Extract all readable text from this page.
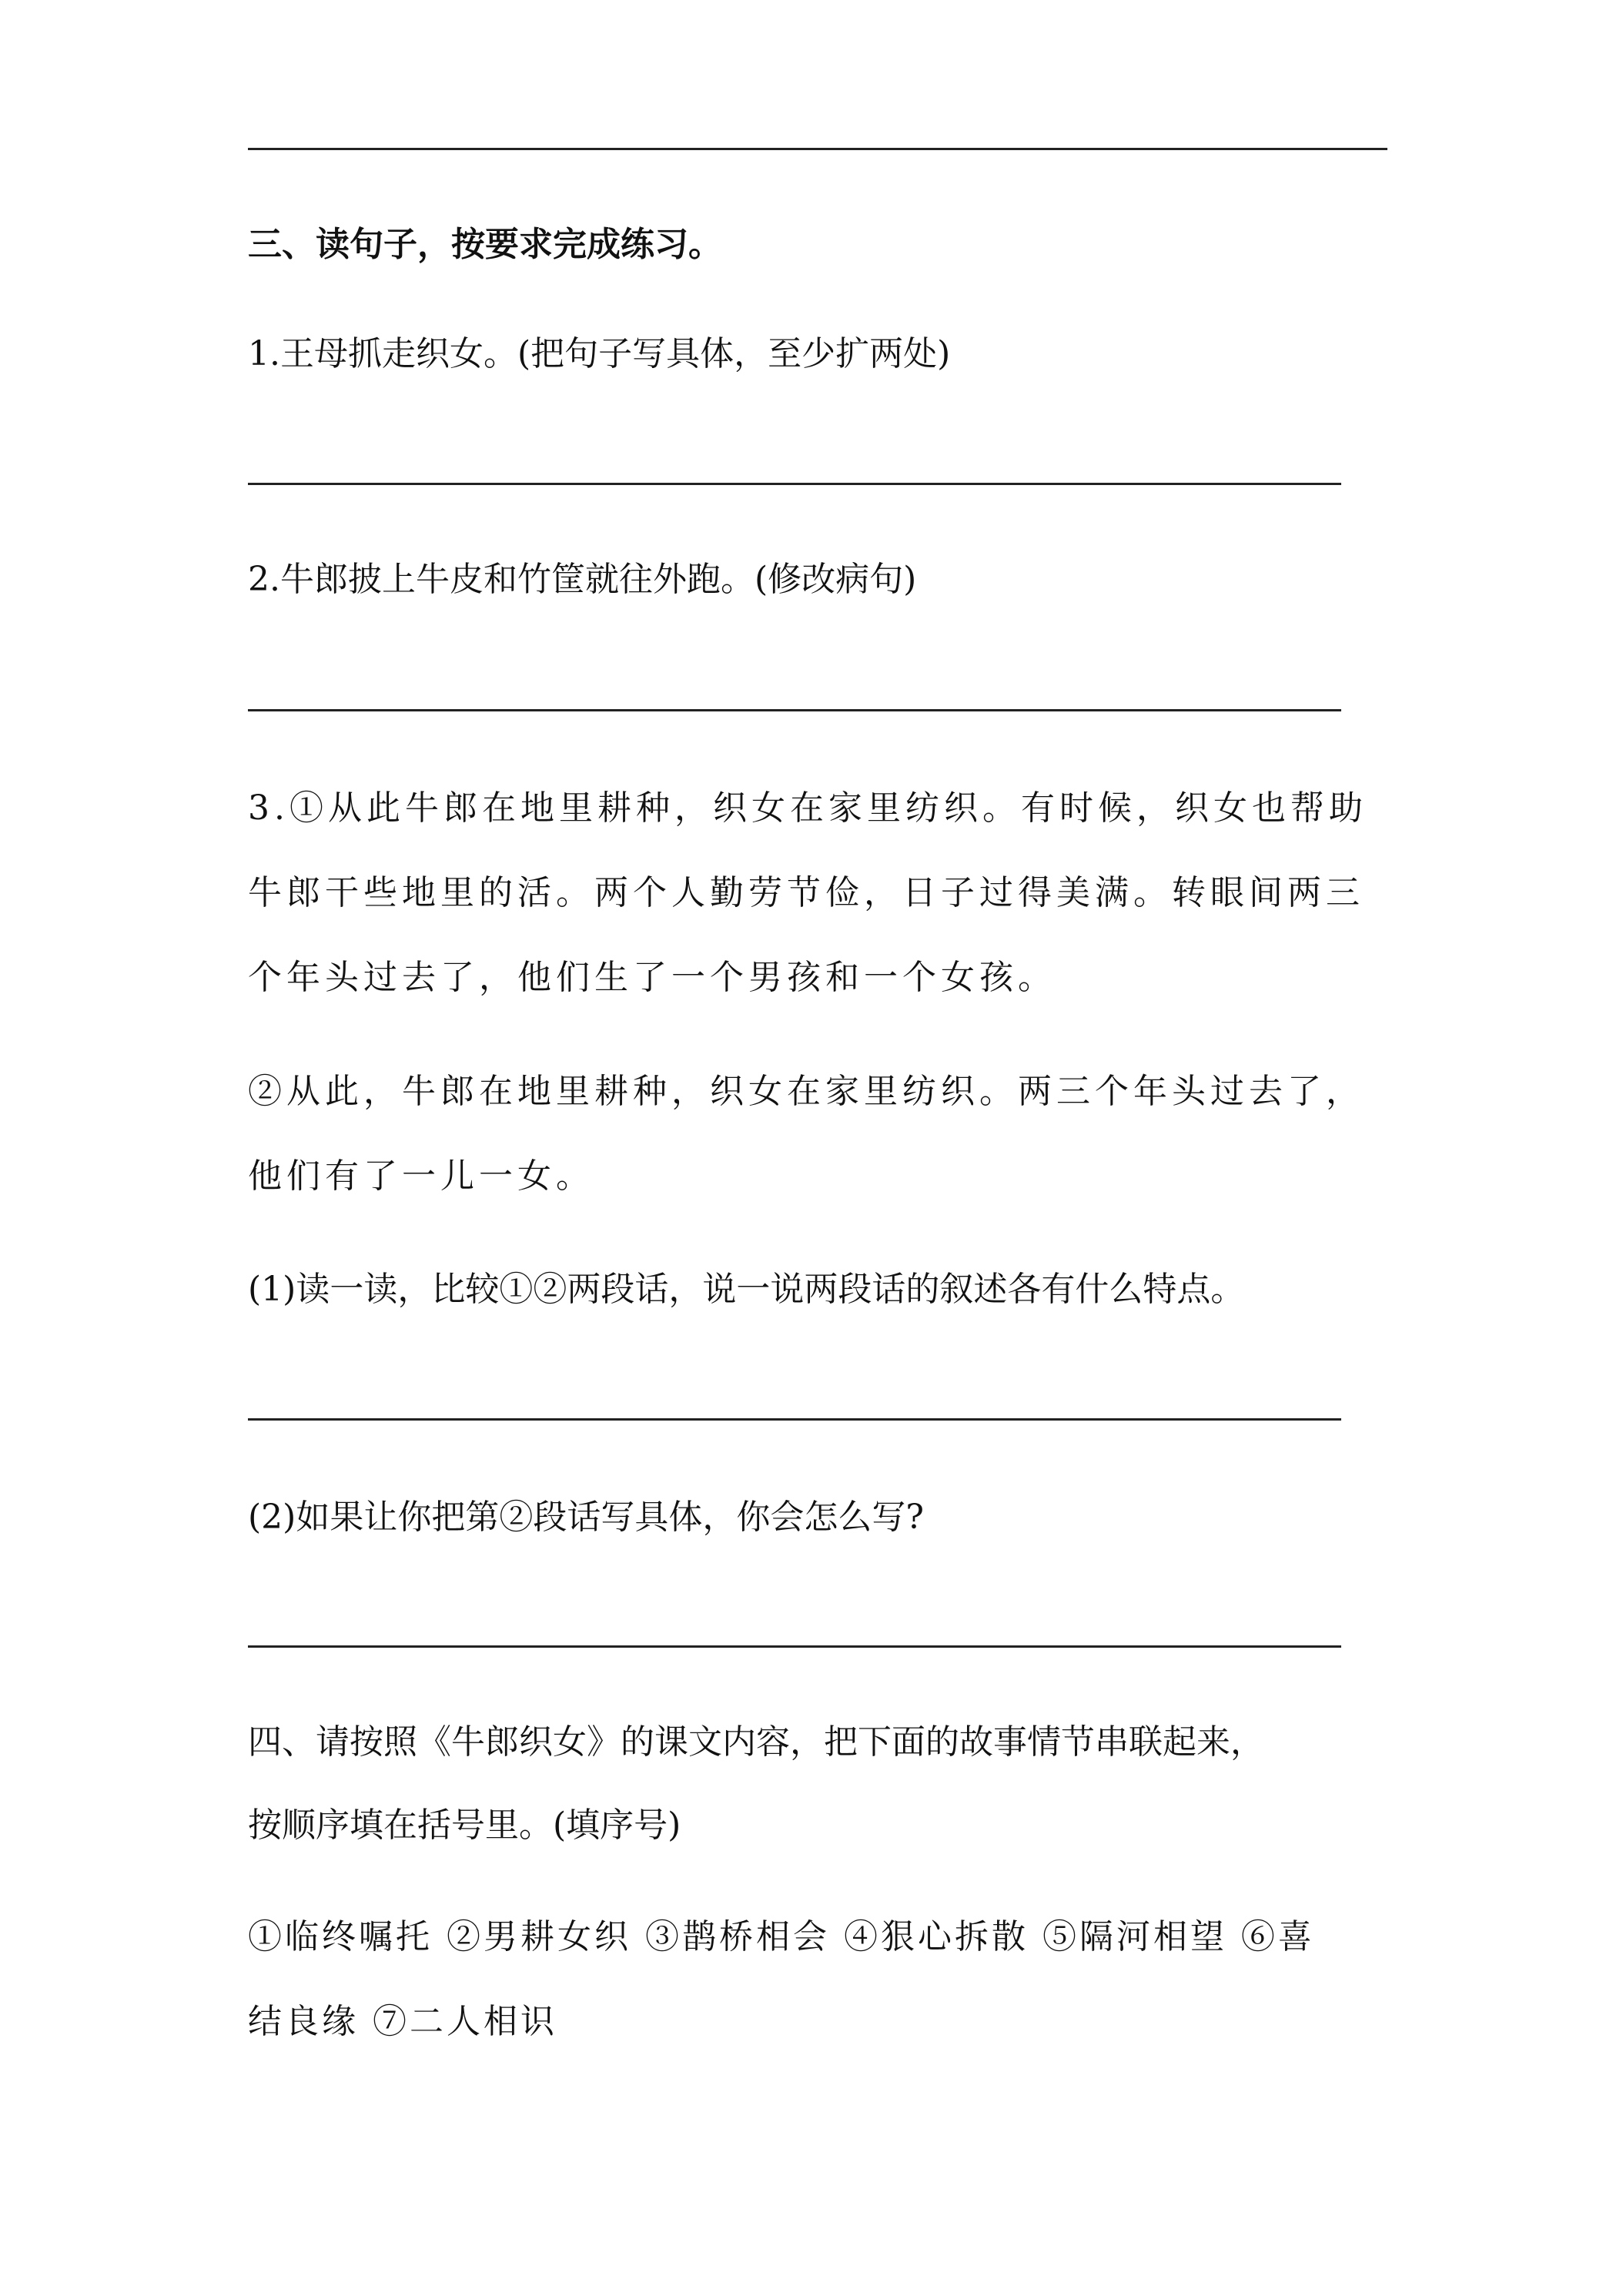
三、读句子，按要求完成练习。
1.王母抓走织女。(把句子写具体，至少扩两处)
2.牛郎披上牛皮和竹筐就往外跑。(修改病句)
3.①从此牛郎在地里耕种，织女在家里纺织。有时候，织女也帮助牛郎干些地里的活。两个人勤劳节俭，日子过得美满。转眼间两三个年头过去了，他们生了一个男孩和一个女孩。
②从此，牛郎在地里耕种，织女在家里纺织。两三个年头过去了，他们有了一儿一女。
(1)读一读，比较①②两段话，说一说两段话的叙述各有什么特点。
(2)如果让你把第②段话写具体，你会怎么写?
四、请按照《牛郎织女》的课文内容，把下面的故事情节串联起来，
按顺序填在括号里。(填序号)
①临终嘱托 ②男耕女织 ③鹊桥相会 ④狠心拆散 ⑤隔河相望 ⑥喜
结良缘 ⑦二人相识
